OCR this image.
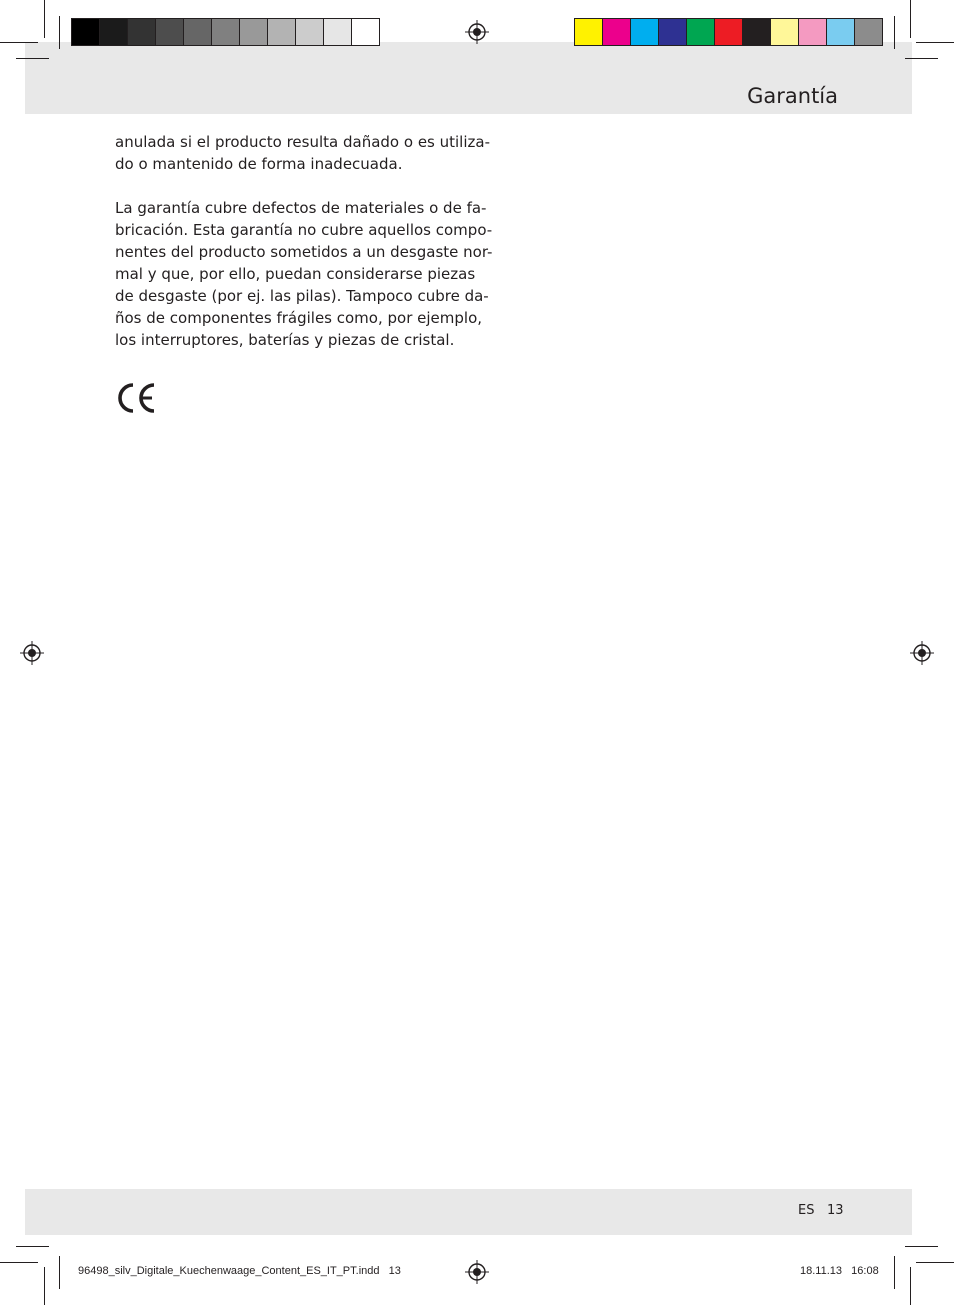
Garantía
anulada si el producto resulta dañado o es utiliza-
do o mantenido de forma inadecuada.
La garantía cubre defectos de materiales o de fa-
bricación. Esta garantía no cubre aquellos compo-
nentes del producto sometidos a un desgaste nor-
mal y que, por ello, puedan considerarse piezas
de desgaste (por ej. las pilas). Tampoco cubre da-
ños de componentes frágiles como, por ejemplo,
los interruptores, baterías y piezas de cristal.
ES 13
96498_silv_Digitale_Kuechenwaage_Content_ES_IT_PT.indd   13	18.11.13   16:08
